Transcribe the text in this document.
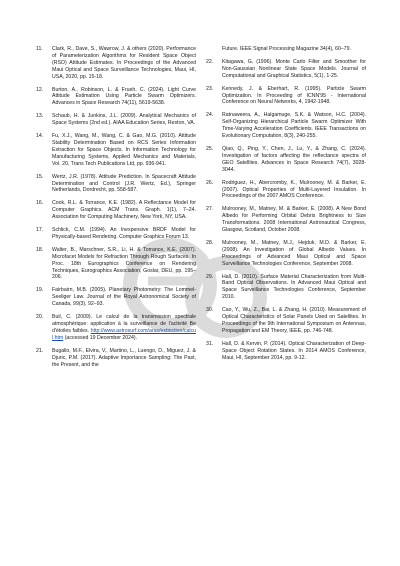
11. Clark, R., Dave, S., Wawrow, J. & others (2020). Performance of Parameterization Algorithms for Resident Space Object (RSO) Attitude Estimates. In Proceedings of the Advanced Maui Optical and Space Surveillance Technologies, Maui, HI, USA, 2020, pp. 15-18.
12. Burton, A., Robinson, L. & Frueh, C. (2024). Light Curve Attitude Estimation Using Particle Swarm Optimizers. Advances in Space Research 74(11), 5619-5638.
13. Schaub, H. & Junkins, J.L. (2009). Analytical Mechanics of Space Systems (2nd ed.). AIAA Education Series, Reston, VA.
14. Fu, X.J., Wang, M., Wang, C. & Gao, M.G. (2010). Attitude Stability Determination Based on RCS Series Information Extraction for Space Objects. In Information Technology for Manufacturing Systems, Applied Mechanics and Materials, Vol. 20, Trans Tech Publications Ltd, pp. 936-941.
15. Wertz, J.R. (1978). Attitude Prediction. In Spacecraft Attitude Determination and Control (J.R. Wertz, Ed.), Springer Netherlands, Dordrecht, pp. 558-587.
16. Cook, R.L. & Torrance, K.E. (1982). A Reflectance Model for Computer Graphics. ACM Trans. Graph. 1(1), 7–24. Association for Computing Machinery, New York, NY, USA.
17. Schlick, C.M. (1994). An Inexpensive BRDF Model for Physically-based Rendering. Computer Graphics Forum 13.
18. Walter, B., Marschner, S.R., Li, H. & Torrance, K.E. (2007). Microfacet Models for Refraction Through Rough Surfaces. In Proc. 18th Eurographics Conference on Rendering Techniques, Eurographics Association, Goslar, DEU, pp. 195–206.
19. Fairbairn, M.B. (2005). Planetary Photometry: The Lommel-Seeliger Law. Journal of the Royal Astronomical Society of Canada, 99(3), 92–93.
20. Buil, C. (2009). Le calcul de la transmission spectrale atmosphérique: application à la surveillance de l'activité Be d'étoiles faibles. http://www.astrosurf.com/aras/extinction/calcul.htm (accessed 19 December 2024).
21. Bugallo, M.F., Elvira, V., Martino, L., Luengo, D., Miguez, J. & Djuric, P.M. (2017). Adaptive Importance Sampling: The Past, the Present, and the
Future. IEEE Signal Processing Magazine 34(4), 60–79.
22. Kitagawa, G. (1996). Monte Carlo Filter and Smoother for Non-Gaussian Nonlinear State Space Models. Journal of Computational and Graphical Statistics, 5(1), 1-25.
23. Kennedy, J. & Eberhart, R. (1995). Particle Swarm Optimization. In Proceeding of ICNN'95 - International Conference on Neural Networks, 4, 1942-1948.
24. Ratnaweera, A., Halgamuge, S.K. & Watson, H.C. (2004). Self-Organizing Hierarchical Particle Swarm Optimizer With Time-Varying Acceleration Coefficients. IEEE Transactions on Evolutionary Computation, 8(3), 240-255.
25. Qiao, Q., Ping, Y., Chen, J., Lu, Y., & Zhang, C. (2024). Investigation of factors affecting the reflectance spectra of GEO Satellites. Advances in Space Research 74(7), 3028-3044.
26. Rodriguez, H., Abercromby, K., Mulrooney, M. & Barker, E. (2007). Optical Properties of Multi-Layered Insulation. In Proceedings of the 2007 AMOS Conference.
27. Mulrooney, M., Matney, M. & Barker, E. (2008). A New Bond Albedo for Performing Orbital Debris Brightness to Size Transformations. 2008 International Astronautical Congress, Glasgow, Scotland, October 2008.
28. Mulrooney, M., Matney, M.J., Hejduk, M.D. & Barker, E. (2008). An Investigation of Global Albedo Values. In Proceedings of Advanced Maui Optical and Space Surveillance Technologies Conference, September 2008.
29. Hall, D. (2010). Surface Material Characterization from Multi-Band Optical Observations. In Advanced Maui Optical and Space Surveillance Technologies Conference, September 2010.
30. Cao, Y., Wu, Z., Bai, L. & Zhang, H. (2010). Measurement of Optical Characteristics of Solar Panels Used on Satellites. In Proceedings of the 9th International Symposium on Antennas, Propagation and EM Theory, IEEE, pp. 746-748.
31. Hall, D. & Kervin, P. (2014). Optical Characterization of Deep-Space Object Rotation States. In 2014 AMOS Conference, Maui, HI, September 2014, pp. 9-12.
